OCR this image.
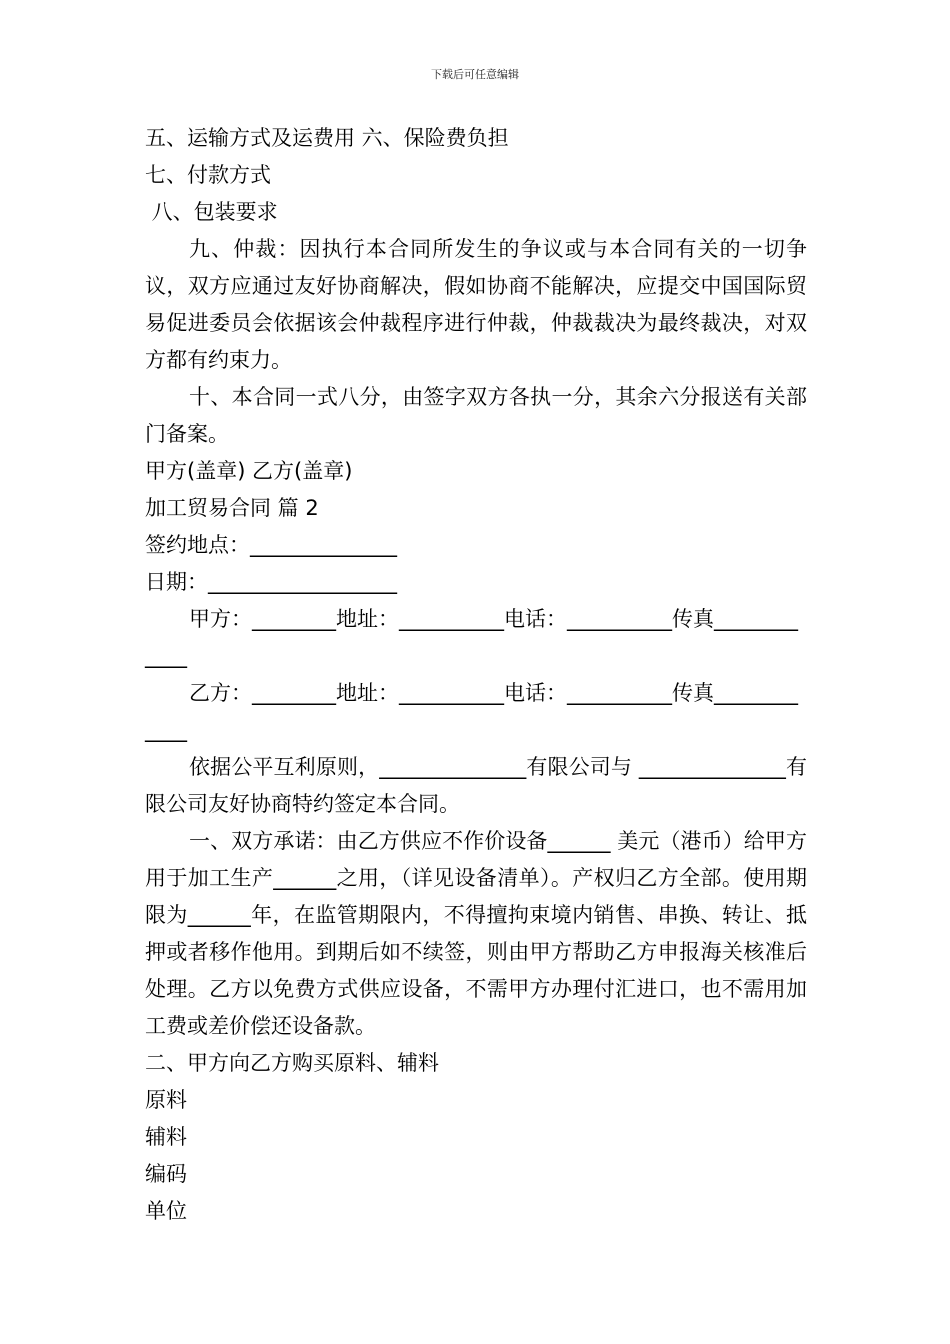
下载后可任意编辑

五、运输方式及运费用 六、保险费负担

七、付款方式

八、包装要求

九、仲裁：因执行本合同所发生的争议或与本合同有关的一切争议，双方应通过友好协商解决，假如协商不能解决，应提交中国国际贸易促进委员会依据该会仲裁程序进行仲裁，仲裁裁决为最终裁决，对双方都有约束力。

十、本合同一式八分，由签字双方各执一分，其余六分报送有关部门备案。

甲方(盖章) 乙方(盖章)

加工贸易合同 篇 2

签约地点：______________

日期：__________________

甲方：________地址：__________电话：__________传真____________

乙方：________地址：__________电话：__________传真____________

依据公平互利原则，______________有限公司与 ______________有限公司友好协商特约签定本合同。

一、双方承诺：由乙方供应不作价设备______ 美元（港币）给甲方用于加工生产______之用，（详见设备清单）。产权归乙方全部。使用期限为______年，在监管期限内，不得擅拘束境内销售、串换、转让、抵押或者移作他用。到期后如不续签，则由甲方帮助乙方申报海关核准后处理。乙方以免费方式供应设备，不需甲方办理付汇进口，也不需用加工费或差价偿还设备款。

二、甲方向乙方购买原料、辅料

原料

辅料

编码

单位
